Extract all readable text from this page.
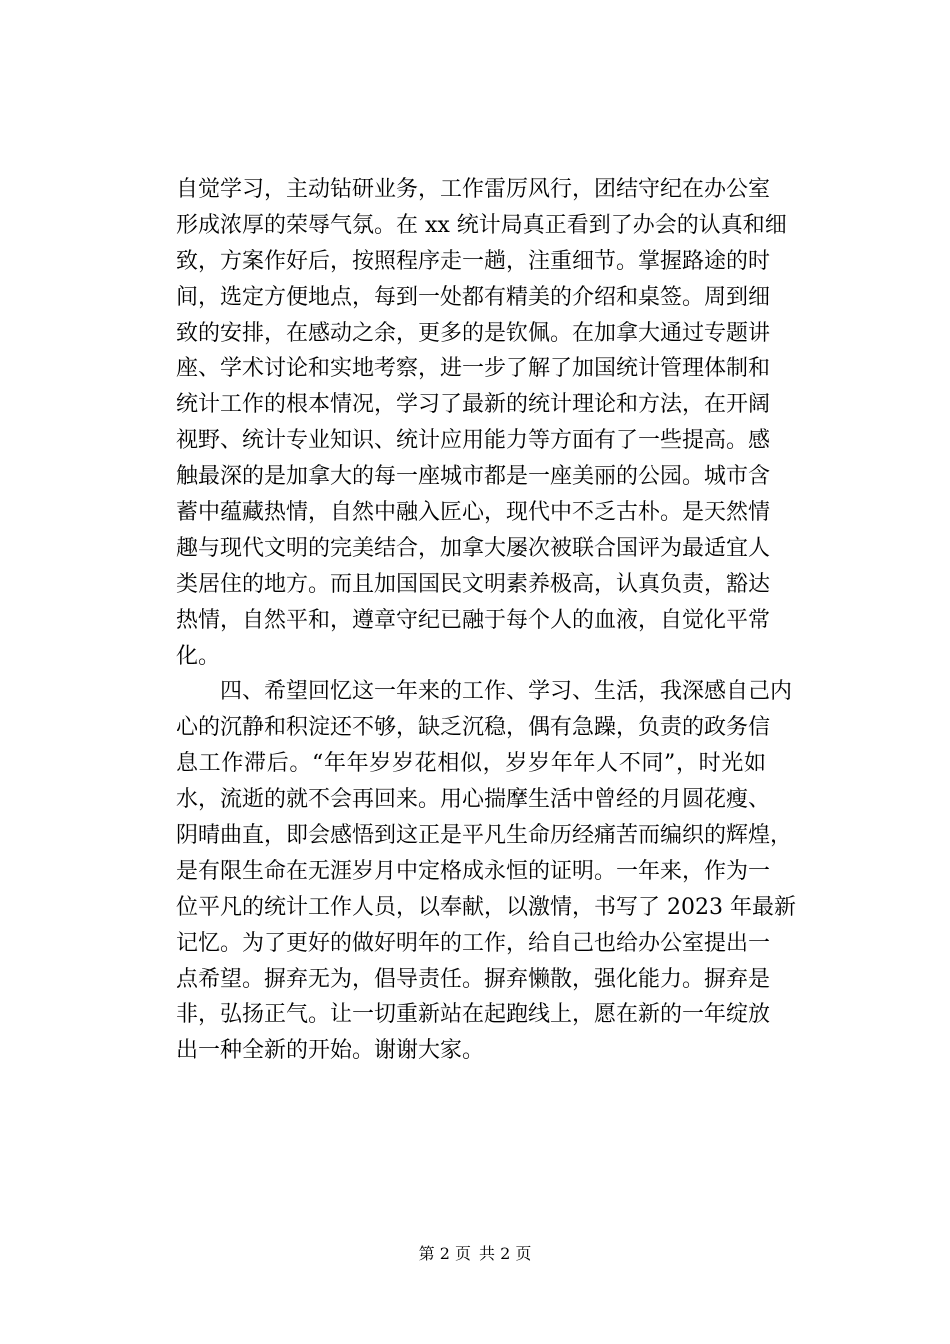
自觉学习，主动钻研业务，工作雷厉风行，团结守纪在办公室
形成浓厚的荣辱气氛。在 xx 统计局真正看到了办会的认真和细
致，方案作好后，按照程序走一趟，注重细节。掌握路途的时
间，选定方便地点，每到一处都有精美的介绍和桌签。周到细
致的安排，在感动之余，更多的是钦佩。在加拿大通过专题讲
座、学术讨论和实地考察，进一步了解了加国统计管理体制和
统计工作的根本情况，学习了最新的统计理论和方法，在开阔
视野、统计专业知识、统计应用能力等方面有了一些提高。感
触最深的是加拿大的每一座城市都是一座美丽的公园。城市含
蓄中蕴藏热情，自然中融入匠心，现代中不乏古朴。是天然情
趣与现代文明的完美结合，加拿大屡次被联合国评为最适宜人
类居住的地方。而且加国国民文明素养极高，认真负责，豁达
热情，自然平和，遵章守纪已融于每个人的血液，自觉化平常
化。
　　四、希望回忆这一年来的工作、学习、生活，我深感自己内
心的沉静和积淀还不够，缺乏沉稳，偶有急躁，负责的政务信
息工作滞后。“年年岁岁花相似，岁岁年年人不同”，时光如
水，流逝的就不会再回来。用心揣摩生活中曾经的月圆花瘦、
阴晴曲直，即会感悟到这正是平凡生命历经痛苦而编织的辉煌，
是有限生命在无涯岁月中定格成永恒的证明。一年来，作为一
位平凡的统计工作人员，以奉献，以激情，书写了 2023 年最新
记忆。为了更好的做好明年的工作，给自己也给办公室提出一
点希望。摒弃无为，倡导责任。摒弃懒散，强化能力。摒弃是
非，弘扬正气。让一切重新站在起跑线上，愿在新的一年绽放
出一种全新的开始。谢谢大家。
第 2 页 共 2 页
